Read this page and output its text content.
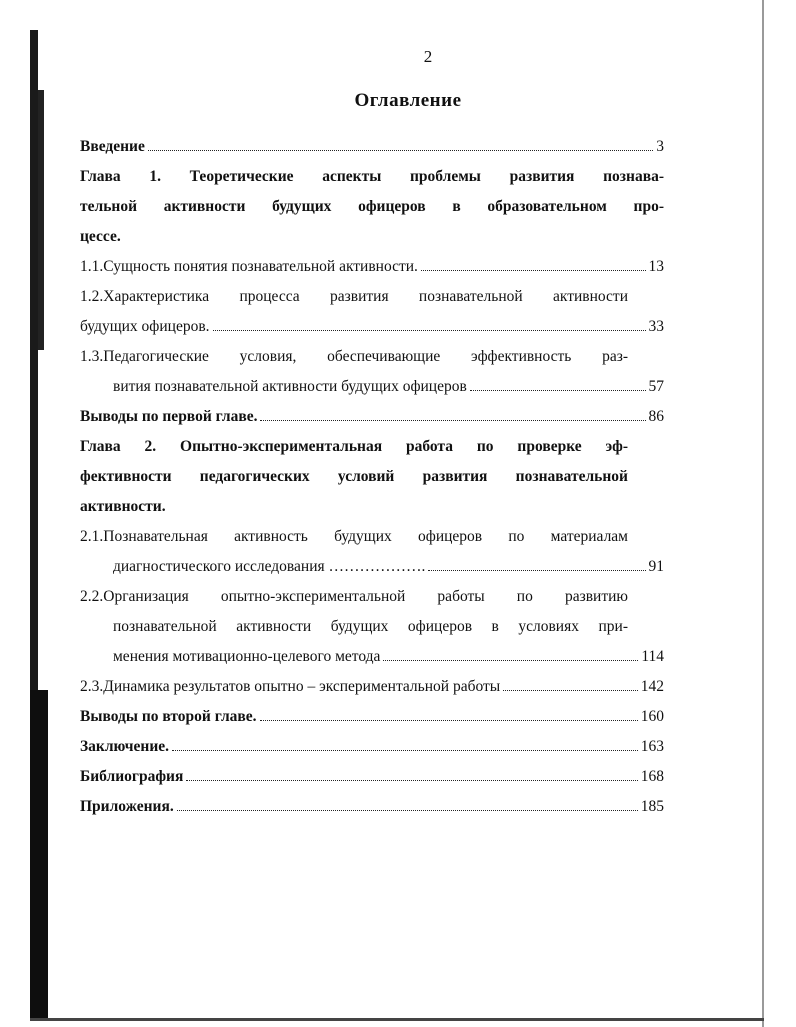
2
Оглавление
Введение	3
Глава 1. Теоретические аспекты проблемы развития познава-
тельной активности будущих офицеров в образовательном про-
цессе.
1.1.Сущность понятия познавательной активности.	13
1.2.Характеристика процесса развития познавательной активности
будущих офицеров.	33
1.3.Педагогические условия, обеспечивающие эффективность раз-
вития познавательной активности будущих офицеров	57
Выводы по первой главе.	86
Глава 2. Опытно-экспериментальная работа по проверке эф-
фективности педагогических условий развития познавательной
активности.
2.1.Познавательная активность будущих офицеров по материалам
диагностического исследования ……………….	91
2.2.Организация опытно-экспериментальной работы по развитию
познавательной активности будущих офицеров в условиях при-
менения мотивационно-целевого метода	114
2.3.Динамика результатов опытно – экспериментальной работы	142
Выводы по второй главе.	160
Заключение.	163
Библиография	168
Приложения.	185
